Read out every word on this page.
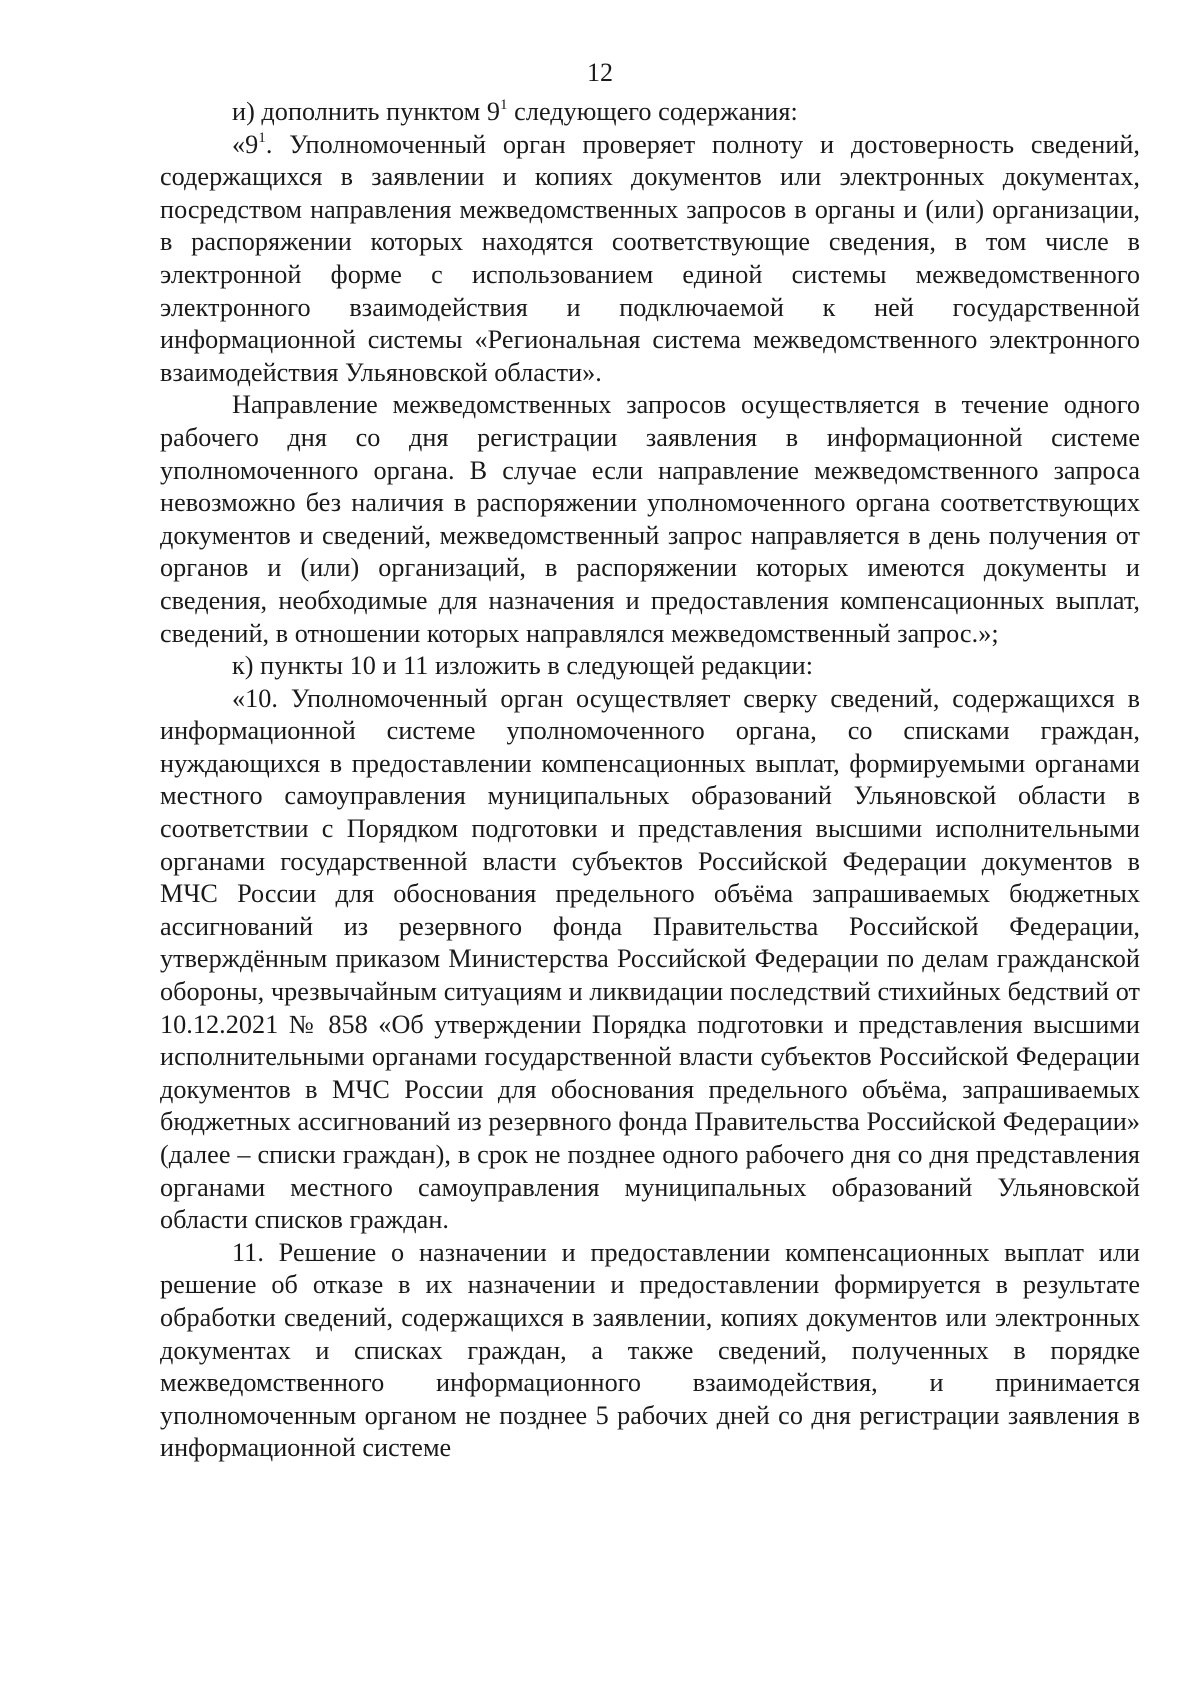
12

и) дополнить пунктом $9^1$ следующего содержания:

«$9^1$. Уполномоченный орган проверяет полноту и достоверность сведений, содержащихся в заявлении и копиях документов или электронных документах, посредством направления межведомственных запросов в органы и (или) организации, в распоряжении которых находятся соответствующие сведения, в том числе в электронной форме с использованием единой системы межведомственного электронного взаимодействия и подключаемой к ней государственной информационной системы «Региональная система межведомственного электронного взаимодействия Ульяновской области».

Направление межведомственных запросов осуществляется в течение одного рабочего дня со дня регистрации заявления в информационной системе уполномоченного органа. В случае если направление межведомственного запроса невозможно без наличия в распоряжении уполномоченного органа соответствующих документов и сведений, межведомственный запрос направляется в день получения от органов и (или) организаций, в распоряжении которых имеются документы и сведения, необходимые для назначения и предоставления компенсационных выплат, сведений, в отношении которых направлялся межведомственный запрос.»;

к) пункты 10 и 11 изложить в следующей редакции:

«10. Уполномоченный орган осуществляет сверку сведений, содержащихся в информационной системе уполномоченного органа, со списками граждан, нуждающихся в предоставлении компенсационных выплат, формируемыми органами местного самоуправления муниципальных образований Ульяновской области в соответствии с Порядком подготовки и представления высшими исполнительными органами государственной власти субъектов Российской Федерации документов в МЧС России для обоснования предельного объёма запрашиваемых бюджетных ассигнований из резервного фонда Правительства Российской Федерации, утверждённым приказом Министерства Российской Федерации по делам гражданской обороны, чрезвычайным ситуациям и ликвидации последствий стихийных бедствий от 10.12.2021 № 858 «Об утверждении Порядка подготовки и представления высшими исполнительными органами государственной власти субъектов Российской Федерации документов в МЧС России для обоснования предельного объёма, запрашиваемых бюджетных ассигнований из резервного фонда Правительства Российской Федерации» (далее – списки граждан), в срок не позднее одного рабочего дня со дня представления органами местного самоуправления муниципальных образований Ульяновской области списков граждан.

11. Решение о назначении и предоставлении компенсационных выплат или решение об отказе в их назначении и предоставлении формируется в результате обработки сведений, содержащихся в заявлении, копиях документов или электронных документах и списках граждан, а также сведений, полученных в порядке межведомственного информационного взаимодействия, и принимается уполномоченным органом не позднее 5 рабочих дней со дня регистрации заявления в информационной системе
